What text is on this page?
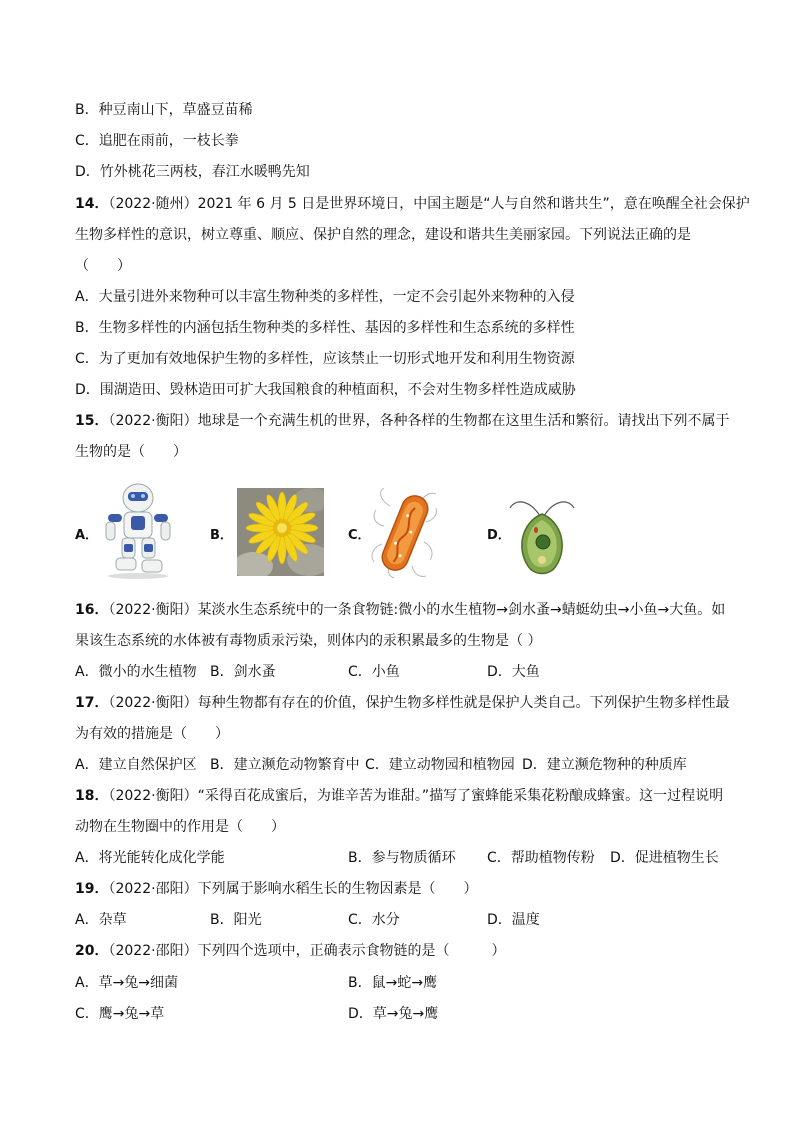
B．种豆南山下，草盛豆苗稀
C．追肥在雨前，一枝长拳
D．竹外桃花三两枝，春江水暖鸭先知
14．（2022·随州）2021 年 6 月 5 日是世界环境日，中国主题是“人与自然和谐共生”，意在唤醒全社会保护
生物多样性的意识，树立尊重、顺应、保护自然的理念，建设和谐共生美丽家园。下列说法正确的是
（　　）
A．大量引进外来物种可以丰富生物种类的多样性，一定不会引起外来物种的入侵
B．生物多样性的内涵包括生物种类的多样性、基因的多样性和生态系统的多样性
C．为了更加有效地保护生物的多样性，应该禁止一切形式地开发和利用生物资源
D．围湖造田、毁林造田可扩大我国粮食的种植面积，不会对生物多样性造成威胁
15．（2022·衡阳）地球是一个充满生机的世界，各种各样的生物都在这里生活和繁衍。请找出下列不属于
生物的是（　　）
A．	B．	C．	D．
16．（2022·衡阳）某淡水生态系统中的一条食物链:微小的水生植物→剑水蚤→蜻蜓幼虫→小鱼→大鱼。如
果该生态系统的水体被有毒物质汞污染，则体内的汞积累最多的生物是（ ）
A．微小的水生植物 B．剑水蚤	C．小鱼	D．大鱼
17．（2022·衡阳）每种生物都有存在的价值，保护生物多样性就是保护人类自己。下列保护生物多样性最
为有效的措施是（　　）
A．建立自然保护区 B．建立濒危动物繁育中 C．建立动物园和植物园 D．建立濒危物种的种质库
18．（2022·衡阳）“采得百花成蜜后，为谁辛苦为谁甜。”描写了蜜蜂能采集花粉酿成蜂蜜。这一过程说明
动物在生物圈中的作用是（　　）
A．将光能转化成化学能	B．参与物质循环 C．帮助植物传粉 D．促进植物生长
19．（2022·邵阳）下列属于影响水稻生长的生物因素是（　　）
A．杂草	B．阳光	C．水分	D．温度
20．（2022·邵阳）下列四个选项中，正确表示食物链的是（　　　）
A．草→兔→细菌	B．鼠→蛇→鹰
C．鹰→兔→草	D．草→兔→鹰
